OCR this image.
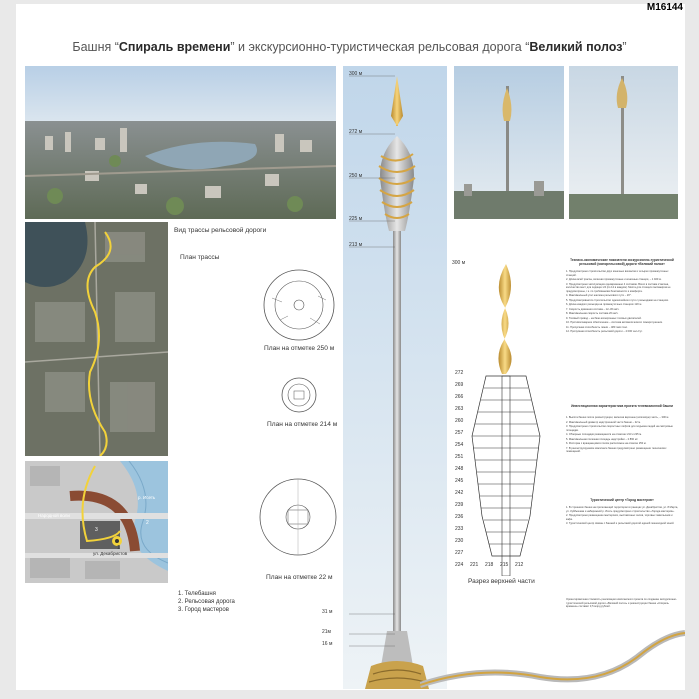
M16144
Башня “Спираль времени” и экскурсионно-туристическая рельсовая дорога “Великий полоз”
300 м
272 м
250 м
225 м
213 м
31 м
21м
16 м
Вид трассы рельсовой дороги
План трассы
План на отметке 250 м
План на отметке 214 м
План на отметке 22 м
Народной воли
ул. Декабристов
р. Исеть
1
2
3
1. Телебашня
2. Рельсовая дорога
3. Город мастеров
300 м
272
269
266
263
260
257
254
251
248
245
242
239
236
233
230
227
224 221 218 215 212
Разрез верхней части
Технико-экономические показатели экскурсионно-туристической рельсовой (монорельсовой) дороги «Великий полоз»

1. Предусмотрено строительство двух конечных вокзалов и четырех промежуточных станций.

2. Длина всей трассы, включая промежуточные и конечные станции, – 1 920 м.

3. Предусмотрено эксплуатация одновременно 4 составов. Всего в составе 2 вагона, количество мест для сидящих 24 (по 12 в каждом). Места для стоящих пассажиров не предусмотрены, т.к. по требованиям безопасности и комфорта.

4. Максимальный угол наклона рельсового пути – 20°.

5. Предусматривается строительство одноколейного пути с разъездами на станциях.

6. Длина каждого разъезда на промежуточных станциях 120 м.

7. Скорость движения состава – 12–36 км/ч.

8. Максимальная скорость состава 20 км/ч.

9. Тяговый привод – на базе асинхронных тяговых двигателей.

10. Противопожарное обеспечение – система автоматического пожаротушения.

11. Пропускная способность линии – 480 пасс./час.

12. Пропускная способность рельсовой дороги – 4 000 чел./сут.

Инвестиционная характеристика проекта телевизионной башни

1. Высота башни после реконструкции, включая верхнюю (шпилевую) часть, – 300 м.

2. Максимальный диаметр надстроенной части башни – 22 м.

3. Предусмотрено строительство скоростных лифтов для подъема людей на смотровые площадки.

4. Обзорные площадки размещаются на отметках 213 и 225 м.

5. Максимальная полезная площадь надстройки – 2 860 м².

6. Ресторан с вращающимся полом расположен на отметке 250 м.

7. В реконструируемом комплексе башни предусмотрено размещение технических помещений.

Туристический центр «Город мастеров»

1. В строениях башни на прилегающей территории в границах ул. Декабристов, ул. 8 Марта, ул. Куйбышева и набережной р. Исеть предусмотрено строительство «Города мастеров».

2. Предусмотрено размещение мастерских, выставочных залов, торговых павильонов и кафе.

3. Туристический центр связан с башней и рельсовой дорогой единой пешеходной зоной.

Ориентировочная стоимость реализации комплексного проекта по созданию экскурсионно-туристической рельсовой дороги «Великий полоз» и реконструкции башни «Спираль времени» составит 3,5 млрд рублей.
